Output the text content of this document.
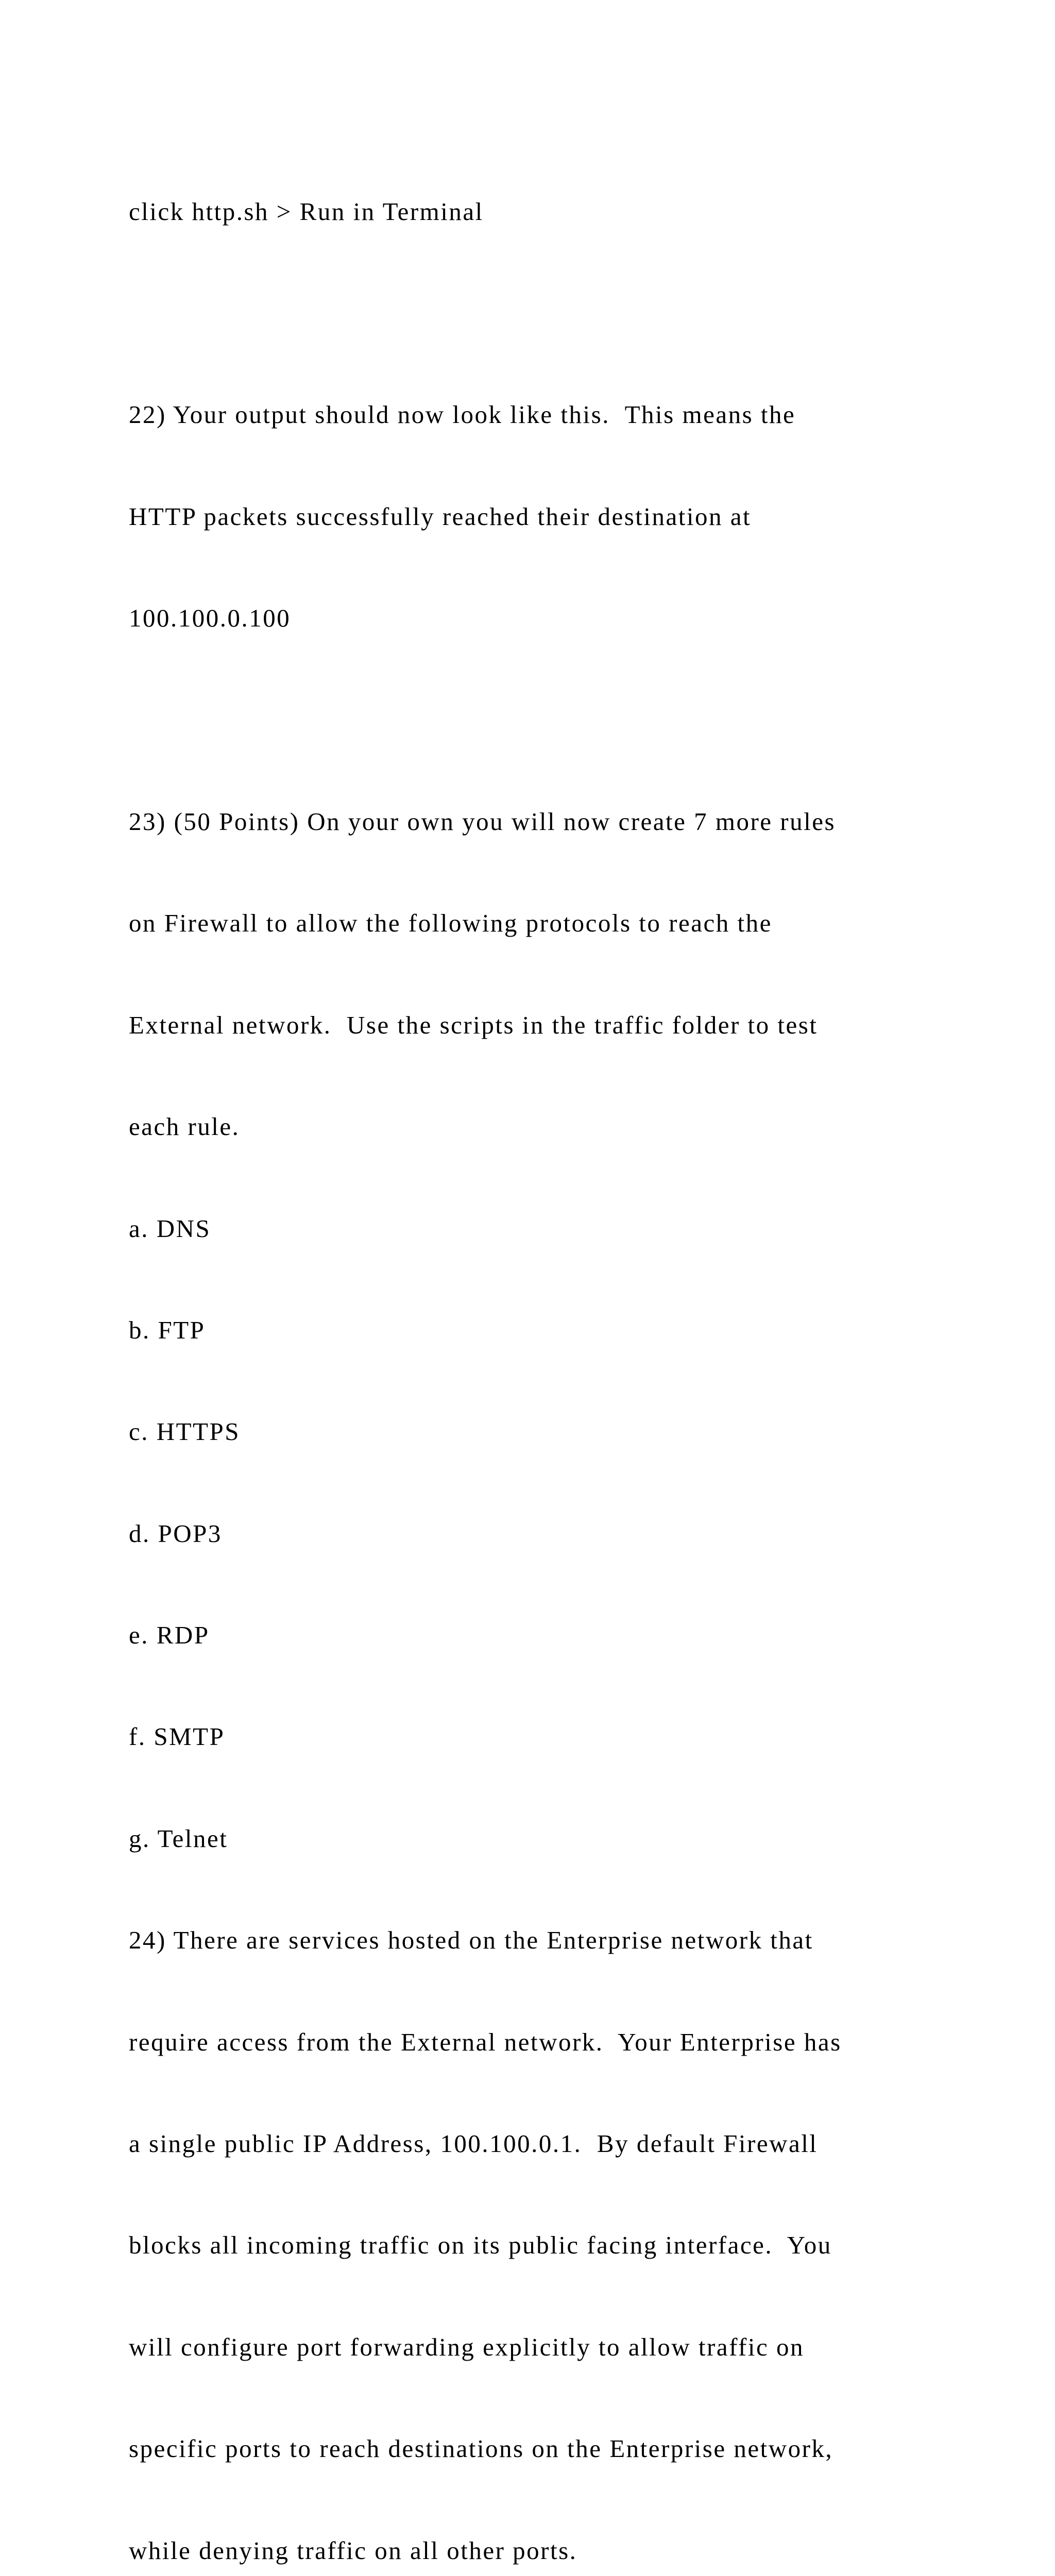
click http.sh > Run in Terminal

22) Your output should now look like this.  This means the

HTTP packets successfully reached their destination at

100.100.0.100

23) (50 Points) On your own you will now create 7 more rules

on Firewall to allow the following protocols to reach the

External network.  Use the scripts in the traffic folder to test

each rule.

a. DNS

b. FTP

c. HTTPS

d. POP3

e. RDP

f. SMTP

g. Telnet

24) There are services hosted on the Enterprise network that

require access from the External network.  Your Enterprise has

a single public IP Address, 100.100.0.1.  By default Firewall

blocks all incoming traffic on its public facing interface.  You

will configure port forwarding explicitly to allow traffic on

specific ports to reach destinations on the Enterprise network,

while denying traffic on all other ports.
